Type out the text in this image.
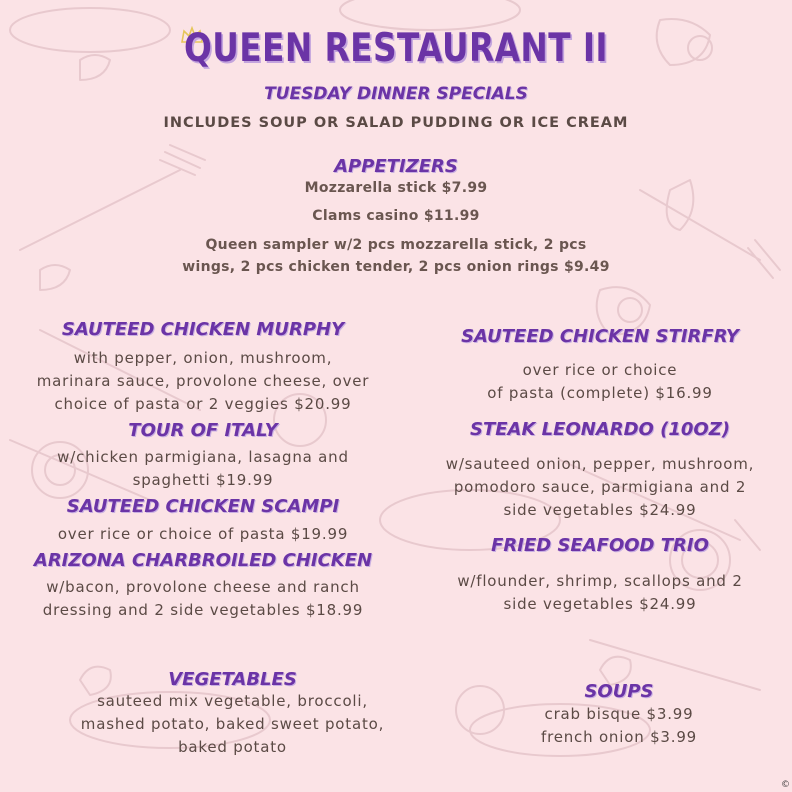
QUEEN RESTAURANT II
TUESDAY DINNER SPECIALS
INCLUDES SOUP OR SALAD PUDDING OR ICE CREAM
APPETIZERS
Mozzarella stick $7.99
Clams casino $11.99
Queen sampler w/2 pcs mozzarella stick, 2 pcs
wings, 2 pcs chicken tender, 2 pcs onion rings $9.49
SAUTEED CHICKEN MURPHY
with pepper, onion, mushroom,
marinara sauce, provolone cheese, over
choice of pasta or 2 veggies $20.99
TOUR OF ITALY
w/chicken parmigiana, lasagna and
spaghetti $19.99
SAUTEED CHICKEN SCAMPI
over rice or choice of pasta $19.99
ARIZONA CHARBROILED CHICKEN
w/bacon, provolone cheese and ranch
dressing and 2 side vegetables $18.99
SAUTEED CHICKEN STIRFRY
over rice or choice
of pasta (complete) $16.99
STEAK LEONARDO (10OZ)
w/sauteed onion, pepper, mushroom,
pomodoro sauce, parmigiana and 2
side vegetables $24.99
FRIED SEAFOOD TRIO
w/flounder, shrimp, scallops and 2
side vegetables $24.99
VEGETABLES
sauteed mix vegetable, broccoli,
mashed potato, baked sweet potato,
baked potato
SOUPS
crab bisque $3.99
french onion $3.99
©
